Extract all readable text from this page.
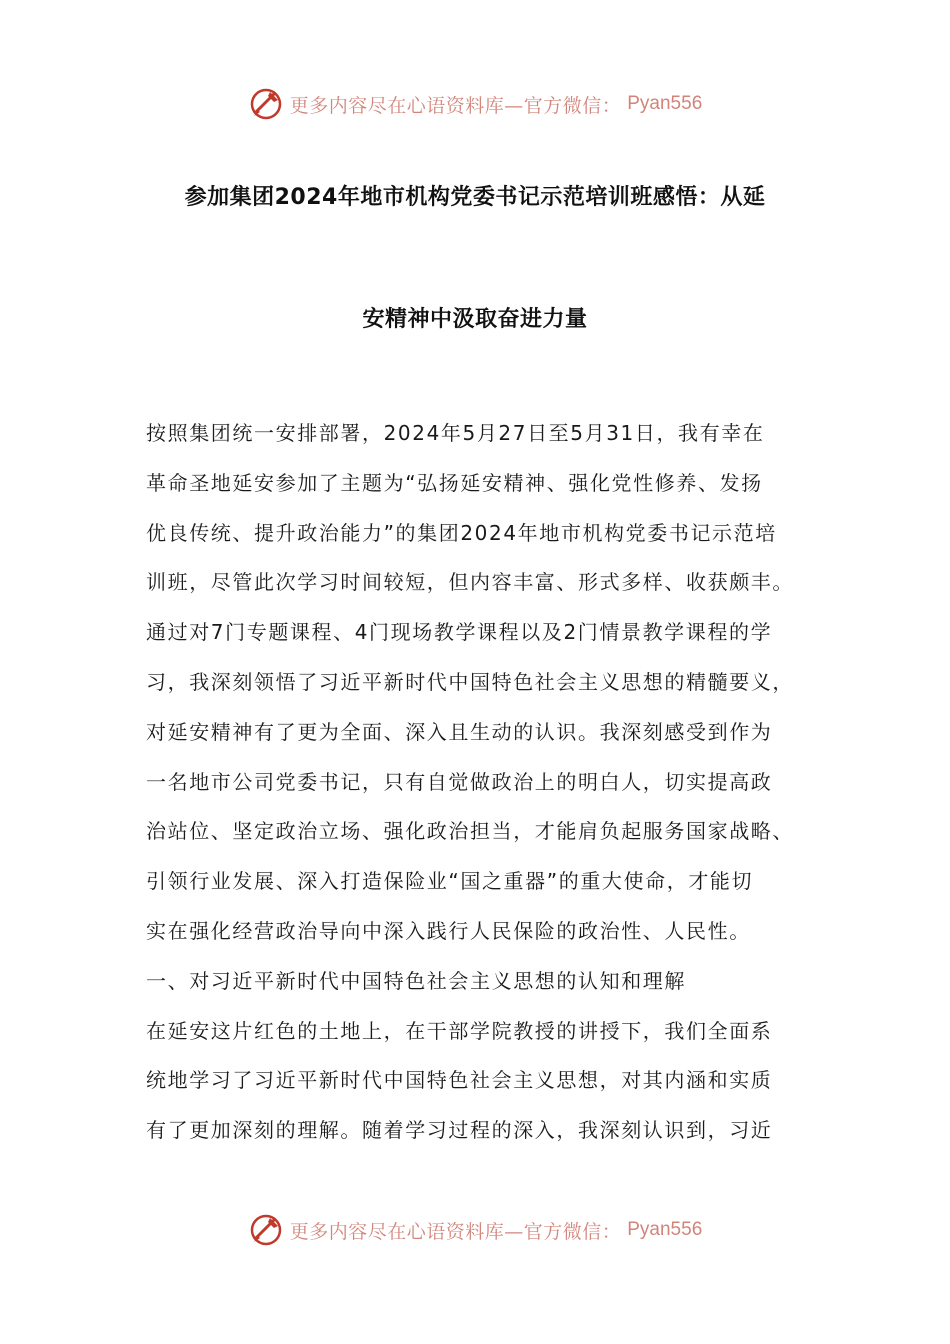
更多内容尽在心语资料库—官方微信： Pyan556
参加集团2024年地市机构党委书记示范培训班感悟：从延
安精神中汲取奋进力量
按照集团统一安排部署，2024年5月27日至5月31日，我有幸在
革命圣地延安参加了主题为“弘扬延安精神、强化党性修养、发扬
优良传统、提升政治能力”的集团2024年地市机构党委书记示范培
训班，尽管此次学习时间较短，但内容丰富、形式多样、收获颇丰。
通过对7门专题课程、4门现场教学课程以及2门情景教学课程的学
习，我深刻领悟了习近平新时代中国特色社会主义思想的精髓要义，
对延安精神有了更为全面、深入且生动的认识。我深刻感受到作为
一名地市公司党委书记，只有自觉做政治上的明白人，切实提高政
治站位、坚定政治立场、强化政治担当，才能肩负起服务国家战略、
引领行业发展、深入打造保险业“国之重器”的重大使命，才能切
实在强化经营政治导向中深入践行人民保险的政治性、人民性。
一、对习近平新时代中国特色社会主义思想的认知和理解
在延安这片红色的土地上，在干部学院教授的讲授下，我们全面系
统地学习了习近平新时代中国特色社会主义思想，对其内涵和实质
有了更加深刻的理解。随着学习过程的深入，我深刻认识到，习近
更多内容尽在心语资料库—官方微信： Pyan556
